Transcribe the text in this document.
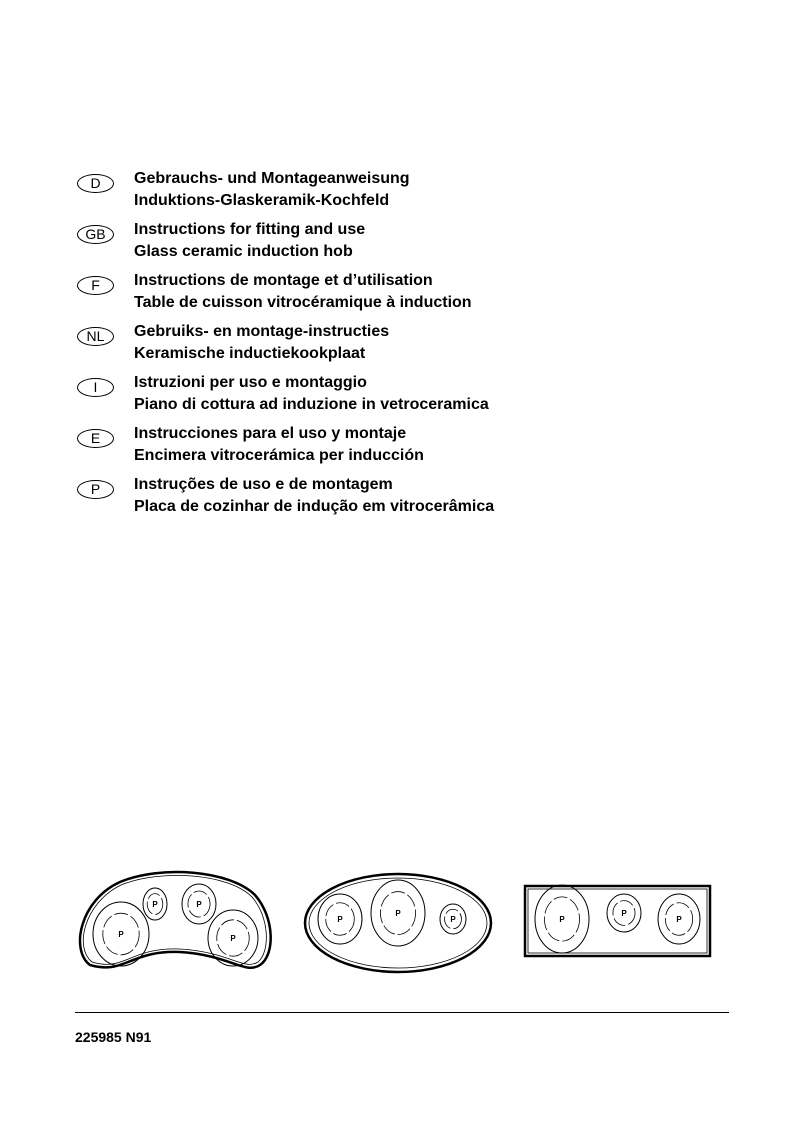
D	Gebrauchs- und Montageanweisung
Induktions-Glaskeramik-Kochfeld
GB	Instructions for fitting and use
Glass ceramic induction hob
F	Instructions de montage et d’utilisation
Table de cuisson vitrocéramique à induction
NL	Gebruiks- en montage-instructies
Keramische inductiekookplaat
I	Istruzioni per uso e montaggio
Piano di cottura ad induzione in vetroceramica
E	Instrucciones para el uso y montaje
Encimera vitrocerámica per inducción
P	Instruções de uso e de montagem
Placa de cozinhar de indução em vitrocerâmica
P	P
P	P
P
P
P	P
P
P
225985 N91
